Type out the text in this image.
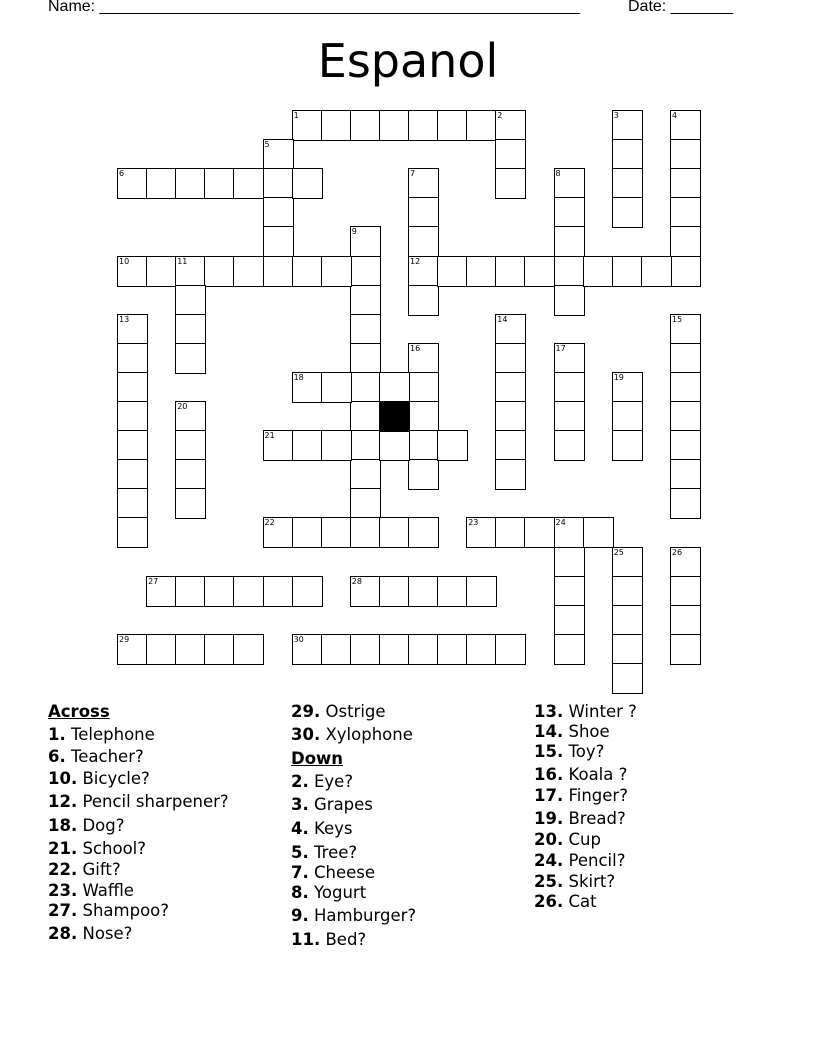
Name: ______________________________________________________	Date: _______
Espanol
1	2	3	4
5
6	7
12
8
9
10	11
13	14	15
16	17
18	19
20
21
22	23	24
25	26
27	28
29	30
Across
1. Telephone
6. Teacher?
10. Bicycle?
12. Pencil sharpener?
18. Dog?
21. School?
22. Gift?
23. Waffle
27. Shampoo?
28. Nose?
29. Ostrige
30. Xylophone
Down
2. Eye?
3. Grapes
4. Keys
5. Tree?
7. Cheese
8. Yogurt
9. Hamburger?
11. Bed?
13. Winter ?
14. Shoe
15. Toy?
16. Koala ?
17. Finger?
19. Bread?
20. Cup
24. Pencil?
25. Skirt?
26. Cat
